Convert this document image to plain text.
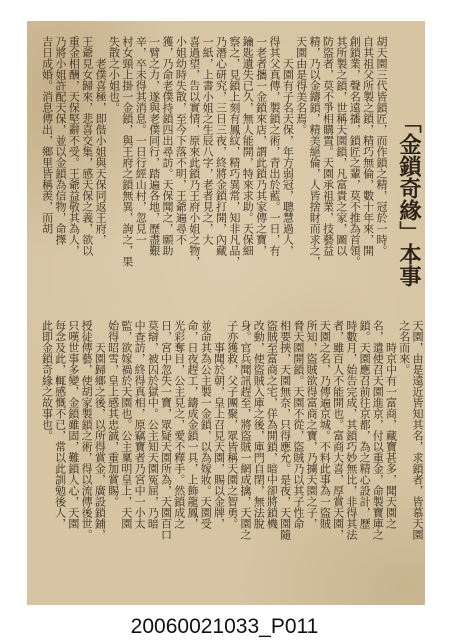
「金鎖奇緣」本事
胡天園三代皆鎖匠，而作鎖之精，冠於一時。
自其祖父所製之鎖，精巧無倫，數十年來，開
創鎖業，聲名遠播，鎖匠之輩，莫不推為首領。
其所製之鎖，世稱天園鎖，凡富貴之家，圖以
防盜者，莫不爭相購置。天園承祖業，技藝益
精，乃以金鑄鎖，精美絕倫，人皆捨財而求之，
天園由是得美名焉。
　　天園有子名天保，年方弱冠，聰慧過人，
得其父真傳，製鎖之術，青出於藍。一日，有
一老者攜一金鎖來店，謂此鎖乃其家傳之寶，
鑰匙遺失已久，無人能開，特來求助。天保細
察之，見鎖上刻有鳳紋，精巧異常，知非凡品，
乃潛心研究，三日三夜，終將金鎖打開，內藏
一紙，上書小姐之生辰八字，老者見之，大
喜過望，告以實情，原來此鎖乃王府小姐之物，
小姐幼時失散，至今下落不明，王爺遍尋不
獲，乃命老僕持鎖四出尋訪。天保聞之，願助
一臂之力，遂與老僕同行，踏遍各地，歷盡艱
辛，卒未得其消息。一日行經山村，忽見一
村女頸上掛一金鎖，與王府之鎖無異，詢之，果
失散之小姐也。
　　老僕喜極，即偕小姐與天保同返王府，
王爺見女歸來，悲喜交集，感天保之義，欲以
重金相酬，天保堅辭不受。王爺益敬其為人，
乃將小姐許配天保，並以金鎖為信物，命擇
吉日成婚。消息傳出，鄉里皆稱羨，而胡
天園，由是遠近皆知其名，求鎖者，皆慕天園
之名而來。
　　時京中有一富商，藏寶甚多，聞天園之
名，遣使召天園進京，付以重金，命製寶庫之
鎖。天園應召前往京都，為之精心設計，歷
時數月，始告完成，其鎖巧妙無比，非得其法
者，雖百人不能開也。富商大喜，厚賞天園，
天園之名，乃傳遍京城。不料此事為一盜賊
所知，盜賊欲得富商之寶，乃擄天園之子，
脅天園開鎖。天園不從，盜賊乃以其子性命
相要挾，天園無奈，只得應允。是夜，天園隨
盜賊至富商之宅，佯為開鎖，暗中卻將鎖機
改動，使盜賊入庫之後，庫門自閉，無法脫
身。官兵聞訊趕至，將盜賊一網成擒，天園之
子亦獲救，父子團聚，眾皆稱天園之智勇。
　　事聞於朝，皇上召見天園，賜以金牌，
並命其為公主製一金鎖，以為嫁妝。天園受
命，日夜趕工，鑄成金鎖一具，上飾龍鳳，
光彩奪目，公主見之，愛不釋手。然鎖成之
日，宮中忽失一寶，眾疑天園所為，天園百口
莫辯，被囚於獄中。公主知天園冤屈，乃暗
中查訪，終得真相，原竊寶者乃宮中一小太
監，欲嫁禍於天園也。公主稟明皇上，天園
始得昭雪，皇上感其忠誠，重加賞賜。
　　天園歸鄉之後，以所得賞金，廣設鎖鋪，
授徒傳藝，使胡家製鎖之術，得以流傳後世。
只嘆世事多變，金鎖雖固，難鎖人心，天園
每念及此，輒感慨不已，常以此訓勉後人，
此即金鎖奇緣之故事也。
20060021033_P011
